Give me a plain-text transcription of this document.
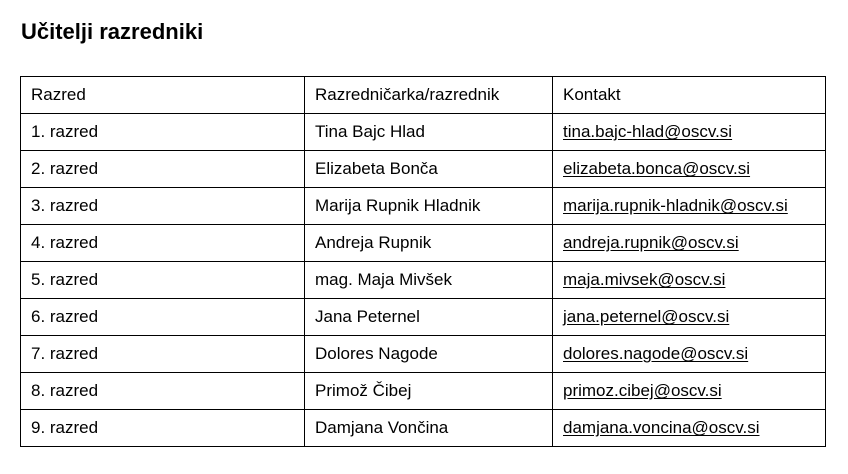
Učitelji razredniki
Razred	Razredničarka/razrednik	Kontakt
1. razred	Tina Bajc Hlad	tina.bajc-hlad@oscv.si
2. razred	Elizabeta Bonča	elizabeta.bonca@oscv.si
3. razred	Marija Rupnik Hladnik	marija.rupnik-hladnik@oscv.si
4. razred	Andreja Rupnik	andreja.rupnik@oscv.si
5. razred	mag. Maja Mivšek	maja.mivsek@oscv.si
6. razred	Jana Peternel	jana.peternel@oscv.si
7. razred	Dolores Nagode	dolores.nagode@oscv.si
8. razred	Primož Čibej	primoz.cibej@oscv.si
9. razred	Damjana Vončina	damjana.voncina@oscv.si
